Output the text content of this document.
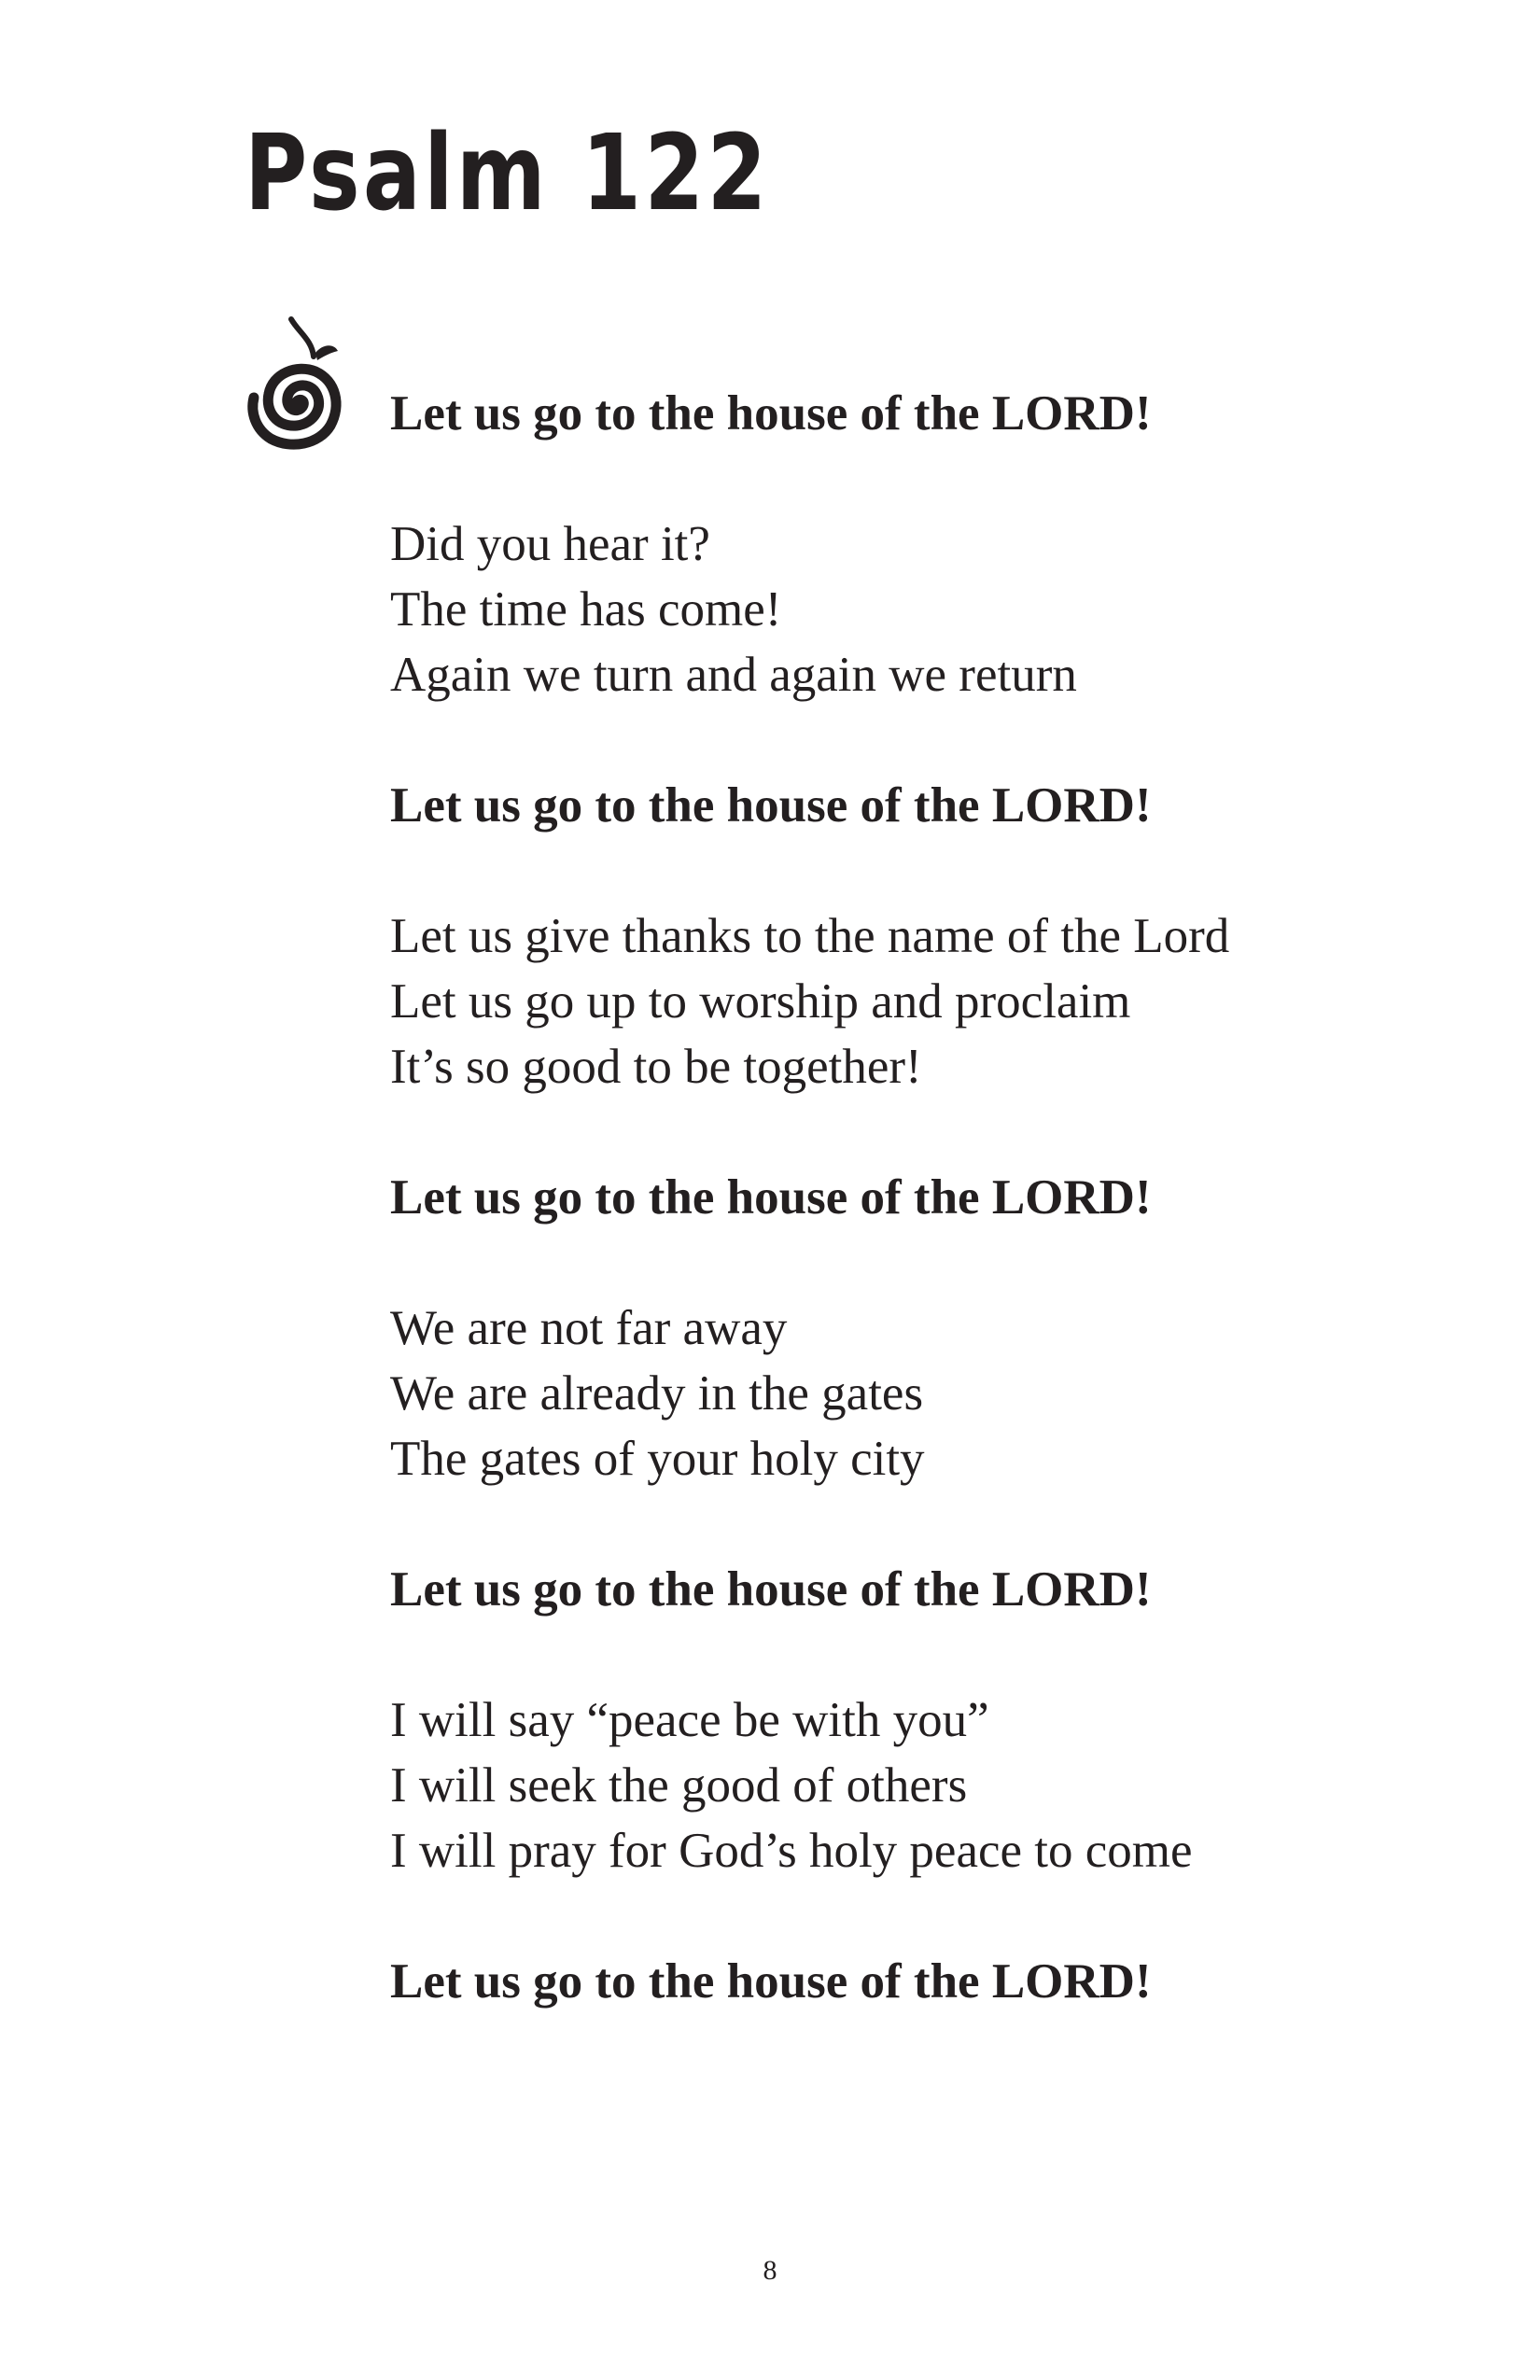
Psalm 122
Let us go to the house of the LORD!
Did you hear it?
The time has come!
Again we turn and again we return
Let us go to the house of the LORD!
Let us give thanks to the name of the Lord
Let us go up to worship and proclaim
It’s so good to be together!
Let us go to the house of the LORD!
We are not far away
We are already in the gates
The gates of your holy city
Let us go to the house of the LORD!
I will say “peace be with you”
I will seek the good of others
I will pray for God’s holy peace to come
Let us go to the house of the LORD!
8
